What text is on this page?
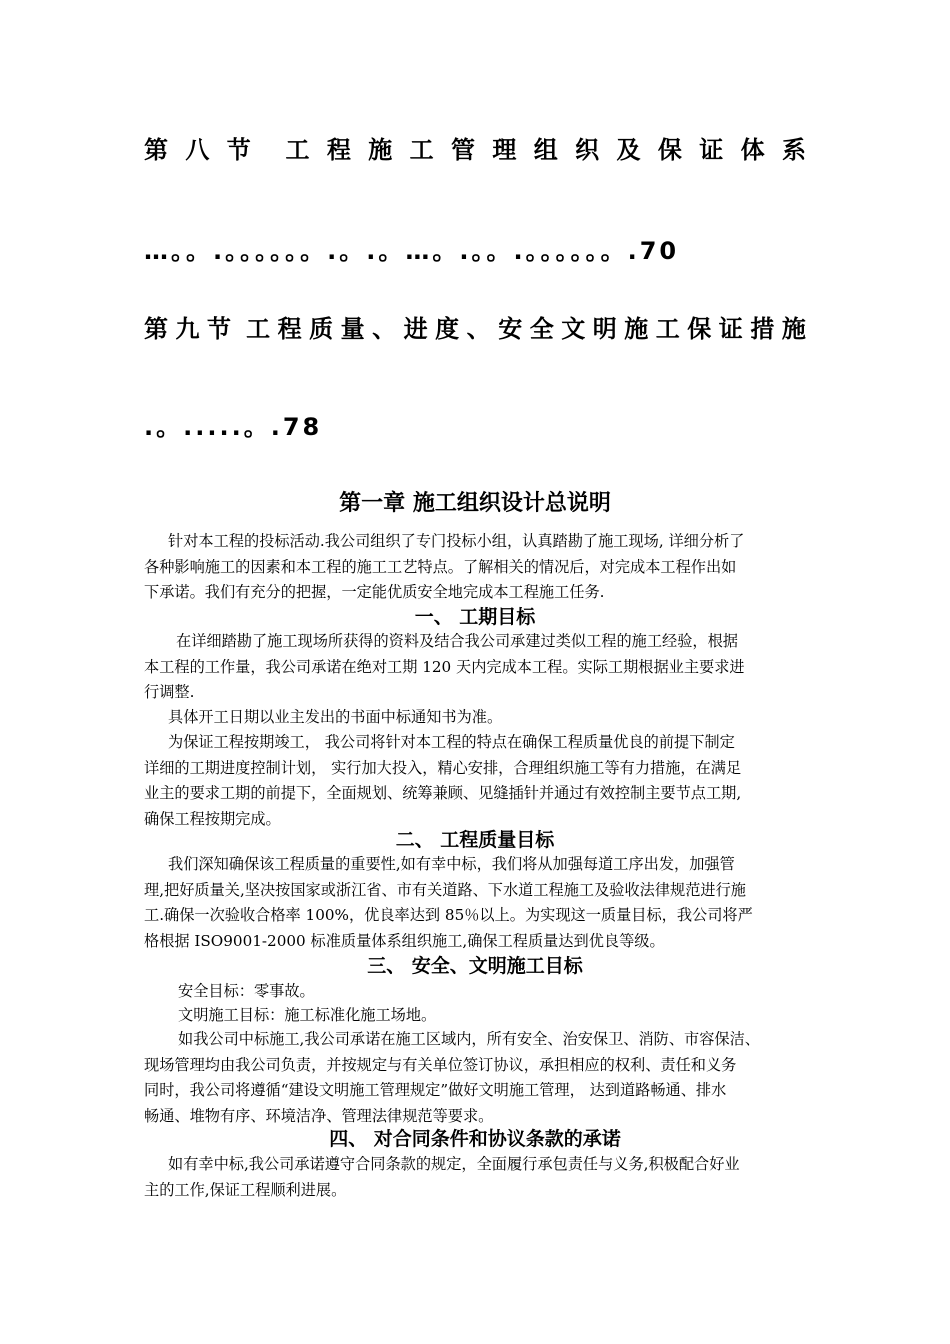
第 八 节 工 程 施 工 管 理 组 织 及 保 证 体 系
…。。.。。。。。。.。.。…。.。。.。。。。。。.70
第 九 节 工 程 质 量 、 进 度 、 安 全 文 明 施 工 保 证 措 施
.。.....。.78
第一章 施工组织设计总说明
针对本工程的投标活动.我公司组织了专门投标小组，认真踏勘了施工现场, 详细分析了
各种影响施工的因素和本工程的施工工艺特点。了解相关的情况后，对完成本工程作出如
下承诺。我们有充分的把握，一定能优质安全地完成本工程施工任务.
一、 工期目标
在详细踏勘了施工现场所获得的资料及结合我公司承建过类似工程的施工经验，根据
本工程的工作量，我公司承诺在绝对工期 120 天内完成本工程。实际工期根据业主要求进
行调整.
具体开工日期以业主发出的书面中标通知书为准。
为保证工程按期竣工， 我公司将针对本工程的特点在确保工程质量优良的前提下制定
详细的工期进度控制计划， 实行加大投入，精心安排，合理组织施工等有力措施，在满足
业主的要求工期的前提下，全面规划、统筹兼顾、见缝插针并通过有效控制主要节点工期,
确保工程按期完成。
二、 工程质量目标
我们深知确保该工程质量的重要性,如有幸中标，我们将从加强每道工序出发，加强管
理,把好质量关,坚决按国家或浙江省、市有关道路、下水道工程施工及验收法律规范进行施
工.确保一次验收合格率 100%，优良率达到 85％以上。为实现这一质量目标，我公司将严
格根据 ISO9001-2000 标准质量体系组织施工,确保工程质量达到优良等级。
三、 安全、文明施工目标
安全目标：零事故。
文明施工目标：施工标准化施工场地。
如我公司中标施工,我公司承诺在施工区域内，所有安全、治安保卫、消防、市容保洁、
现场管理均由我公司负责，并按规定与有关单位签订协议，承担相应的权利、责任和义务
同时，我公司将遵循“建设文明施工管理规定”做好文明施工管理， 达到道路畅通、排水
畅通、堆物有序、环境洁净、管理法律规范等要求。
四、 对合同条件和协议条款的承诺
如有幸中标,我公司承诺遵守合同条款的规定，全面履行承包责任与义务,积极配合好业
主的工作,保证工程顺利进展。
